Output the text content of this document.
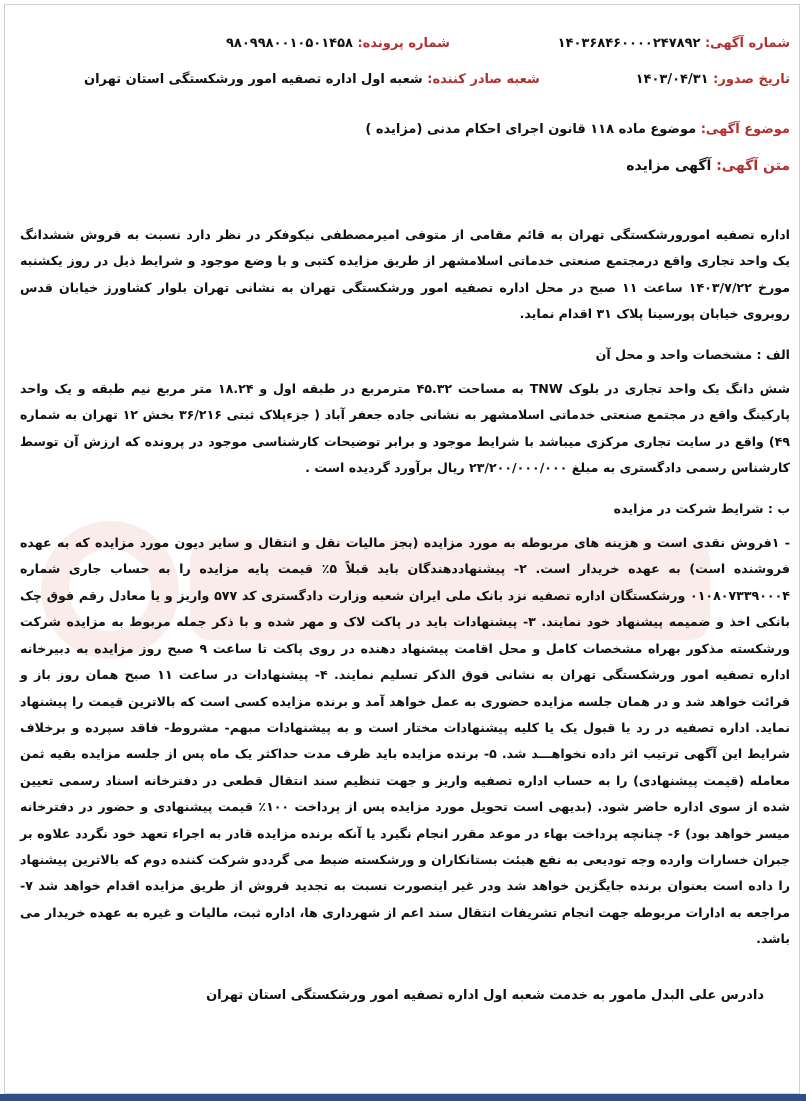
شماره آگهی: ۱۴۰۳۶۸۴۶۰۰۰۰۲۴۷۸۹۲
شماره پرونده: ۹۸۰۹۹۸۰۰۱۰۵۰۱۴۵۸
تاریخ صدور: ۱۴۰۳/۰۴/۳۱
شعبه صادر کننده: شعبه اول اداره تصفیه امور ورشکستگی استان تهران
موضوع آگهی: موضوع ماده ۱۱۸ قانون اجرای احکام مدنی (مزایده )
متن آگهی: آگهی مزایده

اداره تصفیه امورورشکستگی تهران به قائم مقامی از متوفی امیرمصطفی نیکوفکر در نظر دارد نسبت به فروش ششدانگ یک واحد تجاری واقع درمجتمع صنعتی خدماتی اسلامشهر از طریق مزایده کتبی و با وضع موجود و شرایط ذیل در روز یکشنبه مورخ ۱۴۰۳/۷/۲۲ ساعت ۱۱ صبح در محل اداره تصفیه امور ورشکستگی تهران به نشانی تهران بلوار کشاورز خیابان قدس روبروی خیابان پورسینا پلاک ۳۱ اقدام نماید.

الف : مشخصات واحد و محل آن

شش دانگ یک واحد تجاری در بلوک TNW به مساحت ۴۵.۳۲ مترمربع در طبقه اول و ۱۸.۲۴ متر مربع نیم طبقه و یک واحد پارکینگ واقع در مجتمع صنعتی خدماتی اسلامشهر به نشانی جاده جعفر آباد ( جزءپلاک ثبتی ۳۶/۲۱۶ بخش ۱۲ تهران به شماره ۴۹) واقع در سایت تجاری مرکزی میباشد با شرایط موجود و برابر توضیحات کارشناسی موجود در پرونده که ارزش آن توسط کارشناس رسمی دادگستری به مبلغ ۲۳/۲۰۰/۰۰۰/۰۰۰ ریال برآورد گردیده است .

ب : شرایط شرکت در مزایده

- ۱فروش نقدی است و هزینه های مربوطه به مورد مزایده (بجز مالیات نقل و انتقال و سایر دیون مورد مزایده که به عهده فروشنده است) به عهده خریدار است. ۲- پیشنهاددهندگان باید قبلاً ۵٪ قیمت پایه مزایده را به حساب جاری شماره ۰۱۰۸۰۷۳۳۹۰۰۰۴ ورشکستگان اداره تصفیه نزد بانک ملی ایران شعبه وزارت دادگستری کد ۵۷۷ واریز و یا معادل رقم فوق چک بانکی اخذ و ضمیمه پیشنهاد خود نمایند. ۳- پیشنهادات باید در پاکت لاک و مهر شده و با ذکر جمله مربوط به مزایده شرکت ورشکسته مذکور بهراه مشخصات کامل و محل اقامت پیشنهاد دهنده در روی پاکت تا ساعت ۹ صبح روز مزایده به دبیرخانه اداره تصفیه امور ورشکستگی تهران به نشانی فوق الذکر تسلیم نمایند. ۴- پیشنهادات در ساعت ۱۱ صبح همان روز باز و قرائت خواهد شد و در همان جلسه مزایده حضوری به عمل خواهد آمد و برنده مزایده کسی است که بالاترین قیمت را پیشنهاد نماید. اداره تصفیه در رد یا قبول یک یا کلیه پیشنهادات مختار است و به پیشنهادات مبهم- مشروط- فاقد سپرده و برخلاف شرایط این آگهی ترتیب اثر داده نخواهـــد شد. ۵- برنده مزایده باید ظرف مدت حداکثر یک ماه پس از جلسه مزایده بقیه ثمن معامله (قیمت پیشنهادی) را به حساب اداره تصفیه واریز و جهت تنظیم سند انتقال قطعی در دفترخانه اسناد رسمی تعیین شده از سوی اداره حاضر شود. (بدیهی است تحویل مورد مزایده پس از پرداخت ۱۰۰٪ قیمت پیشنهادی و حضور در دفترخانه میسر خواهد بود) ۶- چنانچه پرداخت بهاء در موعد مقرر انجام نگیرد یا آنکه برنده مزایده قادر به اجراء تعهد خود نگردد علاوه بر جبران خسارات وارده وجه تودیعی به نفع هبئت بستانکاران و ورشکسته ضبط می گرددو شرکت کننده دوم که بالاترین پیشنهاد را داده است بعنوان برنده جایگزین خواهد شد ودر غیر اینصورت نسبت به تجدید فروش از طریق مزایده اقدام خواهد شد ۷- مراجعه به ادارات مربوطه جهت انجام تشریفات انتقال سند اعم از شهرداری ها، اداره ثبت، مالیات و غیره به عهده خریدار می باشد.

دادرس علی البدل مامور به خدمت شعبه اول اداره تصفیه امور ورشکستگی استان تهران
